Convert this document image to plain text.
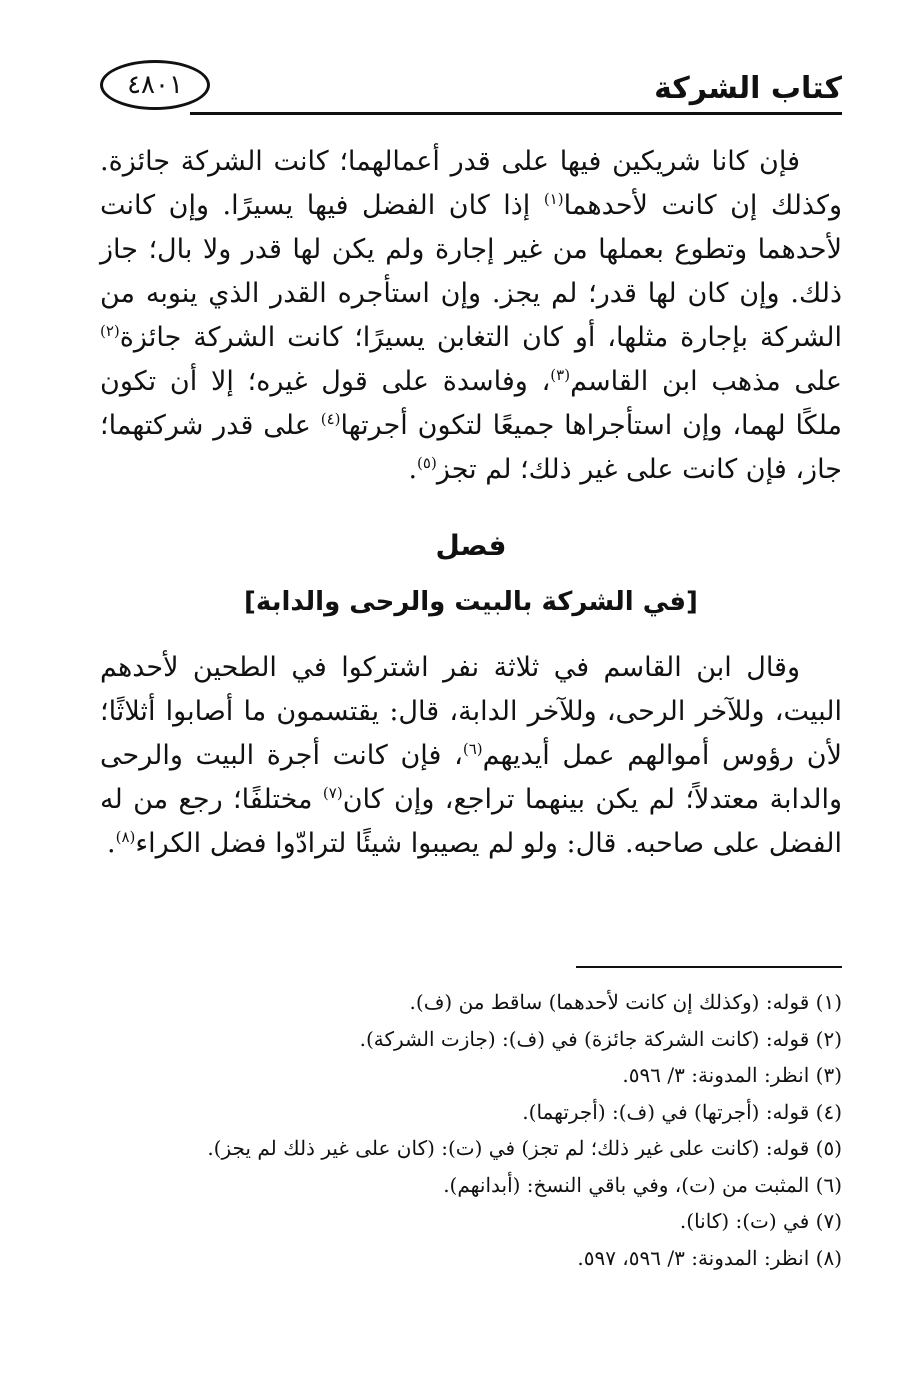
كتاب الشركة
٤٨٠١

فإن كانا شريكين فيها على قدر أعمالهما؛ كانت الشركة جائزة. وكذلك إن كانت لأحدهما$^{(١)}$ إذا كان الفضل فيها يسيرًا. وإن كانت لأحدهما وتطوع بعملها من غير إجارة ولم يكن لها قدر ولا بال؛ جاز ذلك. وإن كان لها قدر؛ لم يجز. وإن استأجره القدر الذي ينوبه من الشركة بإجارة مثلها، أو كان التغابن يسيرًا؛ كانت الشركة جائزة$^{(٢)}$ على مذهب ابن القاسم$^{(٣)}$، وفاسدة على قول غيره؛ إلا أن تكون ملكًا لهما، وإن استأجراها جميعًا لتكون أجرتها$^{(٤)}$ على قدر شركتهما؛ جاز، فإن كانت على غير ذلك؛ لم تجز$^{(٥)}$.

فصل
[في الشركة بالبيت والرحى والدابة]

وقال ابن القاسم في ثلاثة نفر اشتركوا في الطحين لأحدهم البيت، وللآخر الرحى، وللآخر الدابة، قال: يقتسمون ما أصابوا أثلاثًا؛ لأن رؤوس أموالهم عمل أيديهم$^{(٦)}$، فإن كانت أجرة البيت والرحى والدابة معتدلاً؛ لم يكن بينهما تراجع، وإن كان$^{(٧)}$ مختلفًا؛ رجع من له الفضل على صاحبه. قال: ولو لم يصيبوا شيئًا لترادّوا فضل الكراء$^{(٨)}$.

(١) قوله: (وكذلك إن كانت لأحدهما) ساقط من (ف).
(٢) قوله: (كانت الشركة جائزة) في (ف): (جازت الشركة).
(٣) انظر: المدونة: ٣/ ٥٩٦.
(٤) قوله: (أجرتها) في (ف): (أجرتهما).
(٥) قوله: (كانت على غير ذلك؛ لم تجز) في (ت): (كان على غير ذلك لم يجز).
(٦) المثبت من (ت)، وفي باقي النسخ: (أبدانهم).
(٧) في (ت): (كانا).
(٨) انظر: المدونة: ٣/ ٥٩٦، ٥٩٧.
